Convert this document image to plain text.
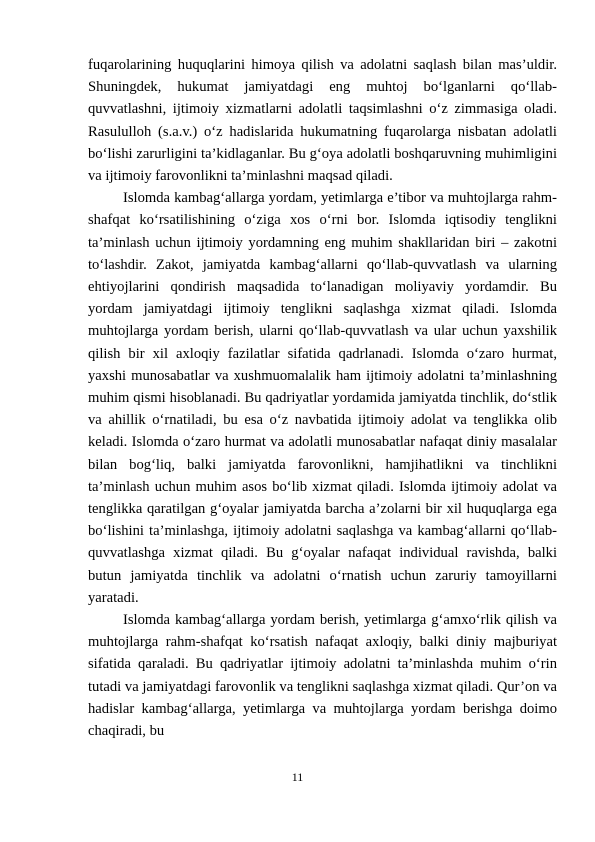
fuqarolarining huquqlarini himoya qilish va adolatni saqlash bilan mas’uldir. Shuningdek, hukumat jamiyatdagi eng muhtoj bo‘lganlarni qo‘llab-quvvatlashni, ijtimoiy xizmatlarni adolatli taqsimlashni o‘z zimmasiga oladi. Rasululloh (s.a.v.) o‘z hadislarida hukumatning fuqarolarga nisbatan adolatli bo‘lishi zarurligini ta’kidlaganlar. Bu g‘oya adolatli boshqaruvning muhimligini va ijtimoiy farovonlikni ta’minlashni maqsad qiladi.

Islomda kambag‘allarga yordam, yetimlarga e’tibor va muhtojlarga rahm-shafqat ko‘rsatilishining o‘ziga xos o‘rni bor. Islomda iqtisodiy tenglikni ta’minlash uchun ijtimoiy yordamning eng muhim shakllaridan biri – zakotni to‘lashdir. Zakot, jamiyatda kambag‘allarni qo‘llab-quvvatlash va ularning ehtiyojlarini qondirish maqsadida to‘lanadigan moliyaviy yordamdir. Bu yordam jamiyatdagi ijtimoiy tenglikni saqlashga xizmat qiladi. Islomda muhtojlarga yordam berish, ularni qo‘llab-quvvatlash va ular uchun yaxshilik qilish bir xil axloqiy fazilatlar sifatida qadrlanadi. Islomda o‘zaro hurmat, yaxshi munosabatlar va xushmuomalalik ham ijtimoiy adolatni ta’minlashning muhim qismi hisoblanadi. Bu qadriyatlar yordamida jamiyatda tinchlik, do‘stlik va ahillik o‘rnatiladi, bu esa o‘z navbatida ijtimoiy adolat va tenglikka olib keladi. Islomda o‘zaro hurmat va adolatli munosabatlar nafaqat diniy masalalar bilan bog‘liq, balki jamiyatda farovonlikni, hamjihatlikni va tinchlikni ta’minlash uchun muhim asos bo‘lib xizmat qiladi. Islomda ijtimoiy adolat va tenglikka qaratilgan g‘oyalar jamiyatda barcha a’zolarni bir xil huquqlarga ega bo‘lishini ta’minlashga, ijtimoiy adolatni saqlashga va kambag‘allarni qo‘llab-quvvatlashga xizmat qiladi. Bu g‘oyalar nafaqat individual ravishda, balki butun jamiyatda tinchlik va adolatni o‘rnatish uchun zaruriy tamoyillarni yaratadi.

Islomda kambag‘allarga yordam berish, yetimlarga g‘amxo‘rlik qilish va muhtojlarga rahm-shafqat ko‘rsatish nafaqat axloqiy, balki diniy majburiyat sifatida qaraladi. Bu qadriyatlar ijtimoiy adolatni ta’minlashda muhim o‘rin tutadi va jamiyatdagi farovonlik va tenglikni saqlashga xizmat qiladi. Qur’on va hadislar kambag‘allarga, yetimlarga va muhtojlarga yordam berishga doimo chaqiradi, bu

11
